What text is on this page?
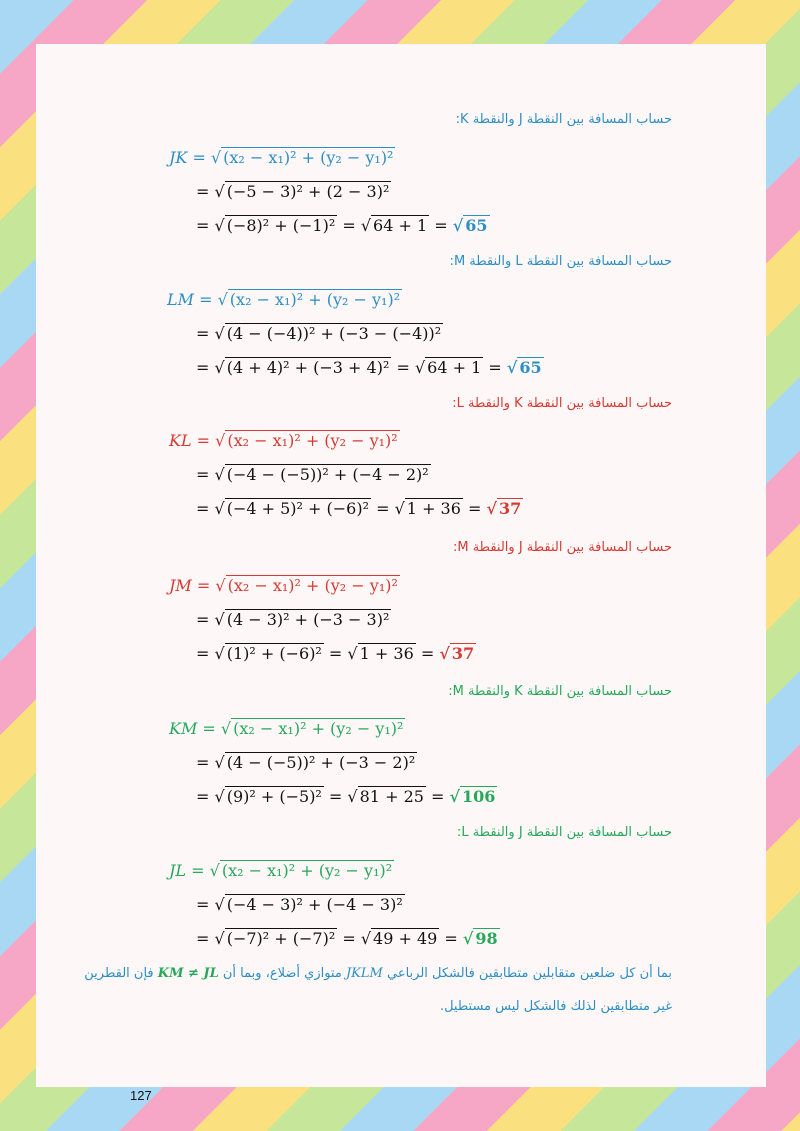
حساب المسافة بين النقطة J والنقطة K:
JK = √ (x₂ − x₁)² + (y₂ − y₁)²
= √ (−5 − 3)² + (2 − 3)²
= √ (−8)² + (−1)² = √ 64 + 1 = √ 65
حساب المسافة بين النقطة L والنقطة M:
LM = √ (x₂ − x₁)² + (y₂ − y₁)²
= √ (4 − (−4))² + (−3 − (−4))²
= √ (4 + 4)² + (−3 + 4)² = √ 64 + 1 = √ 65
حساب المسافة بين النقطة K والنقطة L:
KL = √ (x₂ − x₁)² + (y₂ − y₁)²
= √ (−4 − (−5))² + (−4 − 2)²
= √ (−4 + 5)² + (−6)² = √ 1 + 36 = √ 37
حساب المسافة بين النقطة J والنقطة M:
JM = √ (x₂ − x₁)² + (y₂ − y₁)²
= √ (4 − 3)² + (−3 − 3)²
= √ (1)² + (−6)² = √ 1 + 36 = √ 37
حساب المسافة بين النقطة K والنقطة M:
KM = √ (x₂ − x₁)² + (y₂ − y₁)²
= √ (4 − (−5))² + (−3 − 2)²
= √ (9)² + (−5)² = √ 81 + 25 = √ 106
حساب المسافة بين النقطة J والنقطة L:
JL = √ (x₂ − x₁)² + (y₂ − y₁)²
= √ (−4 − 3)² + (−4 − 3)²
= √ (−7)² + (−7)² = √ 49 + 49 = √ 98
بما أن كل ضلعين متقابلين متطابقين فالشكل الرباعي JKLM متوازي أضلاع، وبما أن KM ≠ JL فإن القطرين
غير متطابقين لذلك فالشكل ليس مستطيل.
127
